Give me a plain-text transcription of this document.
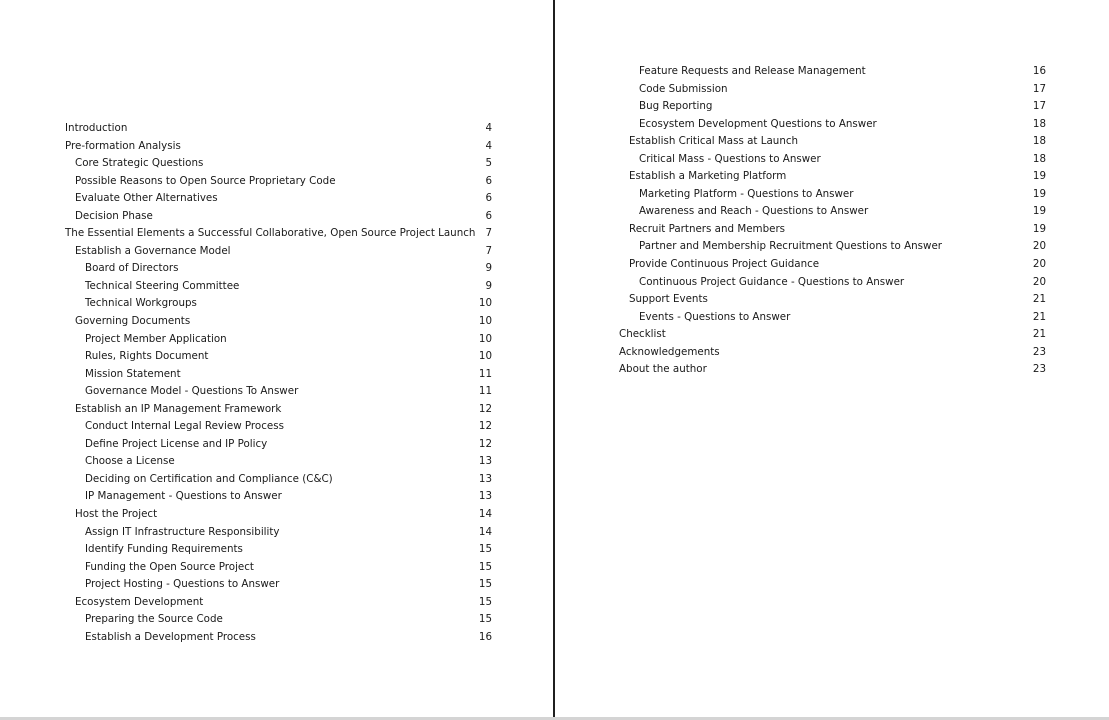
Introduction	4
Pre-formation Analysis	4
Core Strategic Questions	5
Possible Reasons to Open Source Proprietary Code	6
Evaluate Other Alternatives	6
Decision Phase	6
The Essential Elements a Successful Collaborative, Open Source Project Launch 7
Establish a Governance Model	7
Board of Directors	9
Technical Steering Committee	9
Technical Workgroups	10
Governing Documents	10
Project Member Application	10
Rules, Rights Document	10
Mission Statement	11
Governance Model - Questions To Answer	11
Establish an IP Management Framework	12
Conduct Internal Legal Review Process	12
Define Project License and IP Policy	12
Choose a License	13
Deciding on Certification and Compliance (C&C)	13
IP Management - Questions to Answer	13
Host the Project	14
Assign IT Infrastructure Responsibility	14
Identify Funding Requirements	15
Funding the Open Source Project	15
Project Hosting - Questions to Answer	15
Ecosystem Development	15
Preparing the Source Code	15
Establish a Development Process	16
Feature Requests and Release Management	16
Code Submission	17
Bug Reporting	17
Ecosystem Development Questions to Answer	18
Establish Critical Mass at Launch	18
Critical Mass - Questions to Answer	18
Establish a Marketing Platform	19
Marketing Platform - Questions to Answer	19
Awareness and Reach - Questions to Answer	19
Recruit Partners and Members	19
Partner and Membership Recruitment Questions to Answer	20
Provide Continuous Project Guidance	20
Continuous Project Guidance - Questions to Answer	20
Support Events	21
Events - Questions to Answer	21
Checklist	21
Acknowledgements	23
About the author	23
